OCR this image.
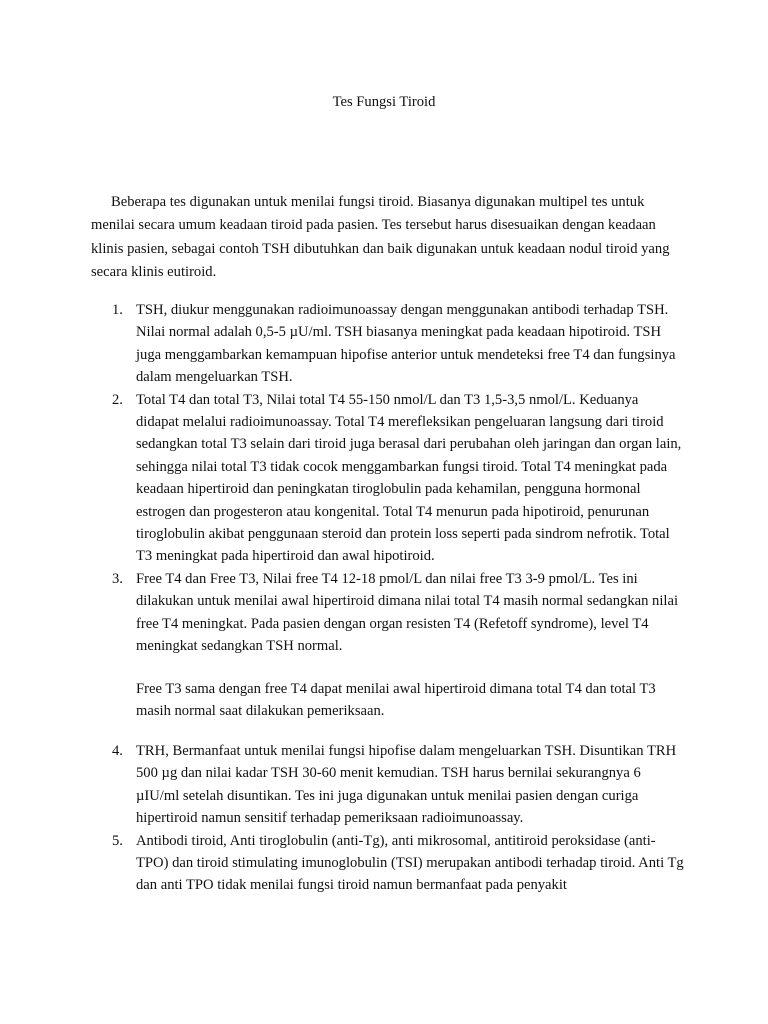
Tes Fungsi Tiroid

Beberapa tes digunakan untuk menilai fungsi tiroid. Biasanya digunakan multipel tes untuk menilai secara umum keadaan tiroid pada pasien. Tes tersebut harus disesuaikan dengan keadaan klinis pasien, sebagai contoh TSH dibutuhkan dan baik digunakan untuk keadaan nodul tiroid yang secara klinis eutiroid.

1. TSH, diukur menggunakan radioimunoassay dengan menggunakan antibodi terhadap TSH. Nilai normal adalah 0,5-5 µU/ml. TSH biasanya meningkat pada keadaan hipotiroid. TSH juga menggambarkan kemampuan hipofise anterior untuk mendeteksi free T4 dan fungsinya dalam mengeluarkan TSH.
2. Total T4 dan total T3, Nilai total T4 55-150 nmol/L dan T3 1,5-3,5 nmol/L. Keduanya didapat melalui radioimunoassay. Total T4 merefleksikan pengeluaran langsung dari tiroid sedangkan total T3 selain dari tiroid juga berasal dari perubahan oleh jaringan dan organ lain, sehingga nilai total T3 tidak cocok menggambarkan fungsi tiroid. Total T4 meningkat pada keadaan hipertiroid dan peningkatan tiroglobulin pada kehamilan, pengguna hormonal estrogen dan progesteron atau kongenital. Total T4 menurun pada hipotiroid, penurunan tiroglobulin akibat penggunaan steroid dan protein loss seperti pada sindrom nefrotik. Total T3 meningkat pada hipertiroid dan awal hipotiroid.
3. Free T4 dan Free T3, Nilai free T4 12-18 pmol/L dan nilai free T3 3-9 pmol/L. Tes ini dilakukan untuk menilai awal hipertiroid dimana nilai total T4 masih normal sedangkan nilai free T4 meningkat. Pada pasien dengan organ resisten T4 (Refetoff syndrome), level T4 meningkat sedangkan TSH normal.

Free T3 sama dengan free T4 dapat menilai awal hipertiroid dimana total T4 dan total T3 masih normal saat dilakukan pemeriksaan.

4. TRH, Bermanfaat untuk menilai fungsi hipofise dalam mengeluarkan TSH. Disuntikan TRH 500 µg dan nilai kadar TSH 30-60 menit kemudian. TSH harus bernilai sekurangnya 6 µIU/ml setelah disuntikan. Tes ini juga digunakan untuk menilai pasien dengan curiga hipertiroid namun sensitif terhadap pemeriksaan radioimunoassay.
5. Antibodi tiroid, Anti tiroglobulin (anti-Tg), anti mikrosomal, antitiroid peroksidase (anti-TPO) dan tiroid stimulating imunoglobulin (TSI) merupakan antibodi terhadap tiroid. Anti Tg dan anti TPO tidak menilai fungsi tiroid namun bermanfaat pada penyakit
